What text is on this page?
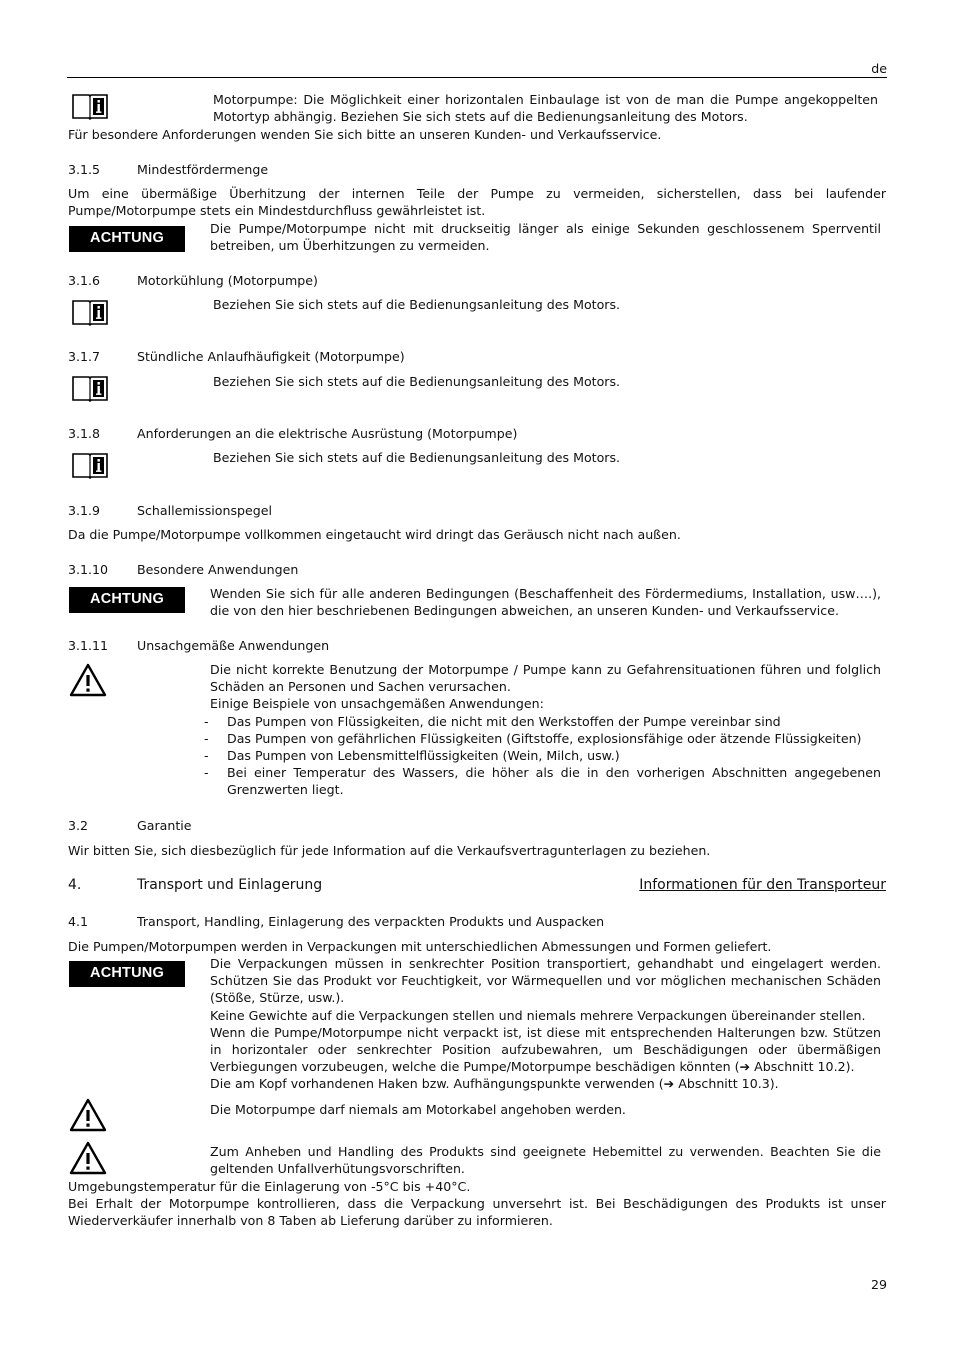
de
Motorpumpe: Die Möglichkeit einer horizontalen Einbaulage ist von de man die Pumpe angekoppelten Motortyp abhängig. Beziehen Sie sich stets auf die Bedienungsanleitung des Motors.
Für besondere Anforderungen wenden Sie sich bitte an unseren Kunden- und Verkaufsservice.
3.1.5	Mindestfördermenge
Um eine übermäßige Überhitzung der internen Teile der Pumpe zu vermeiden, sicherstellen, dass bei laufender Pumpe/Motorpumpe stets ein Mindestdurchfluss gewährleistet ist.
ACHTUNG
Die Pumpe/Motorpumpe nicht mit druckseitig länger als einige Sekunden geschlossenem Sperrventil betreiben, um Überhitzungen zu vermeiden.
3.1.6	Motorkühlung (Motorpumpe)
Beziehen Sie sich stets auf die Bedienungsanleitung des Motors.
3.1.7	Stündliche Anlaufhäufigkeit (Motorpumpe)
Beziehen Sie sich stets auf die Bedienungsanleitung des Motors.
3.1.8	Anforderungen an die elektrische Ausrüstung (Motorpumpe)
Beziehen Sie sich stets auf die Bedienungsanleitung des Motors.
3.1.9	Schallemissionspegel
Da die Pumpe/Motorpumpe vollkommen eingetaucht wird dringt das Geräusch nicht nach außen.
3.1.10 Besondere Anwendungen
ACHTUNG	Wenden Sie sich für alle anderen Bedingungen (Beschaffenheit des Fördermediums, Installation, usw….), die von den hier beschriebenen Bedingungen abweichen, an unseren Kunden- und Verkaufsservice.
3.1.11 Unsachgemäße Anwendungen
Die nicht korrekte Benutzung der Motorpumpe / Pumpe kann zu Gefahrensituationen führen und folglich Schäden an Personen und Sachen verursachen.
Einige Beispiele von unsachgemäßen Anwendungen:
- Das Pumpen von Flüssigkeiten, die nicht mit den Werkstoffen der Pumpe vereinbar sind
- Das Pumpen von gefährlichen Flüssigkeiten (Giftstoffe, explosionsfähige oder ätzende Flüssigkeiten)
- Das Pumpen von Lebensmittelflüssigkeiten (Wein, Milch, usw.)
- Bei einer Temperatur des Wassers, die höher als die in den vorherigen Abschnitten angegebenen Grenzwerten liegt.
3.2	Garantie
Wir bitten Sie, sich diesbezüglich für jede Information auf die Verkaufsvertragunterlagen zu beziehen.
4.	Transport und Einlagerung	Informationen für den Transporteur
4.1	Transport, Handling, Einlagerung des verpackten Produkts und Auspacken
Die Pumpen/Motorpumpen werden in Verpackungen mit unterschiedlichen Abmessungen und Formen geliefert.
ACHTUNG
Die Verpackungen müssen in senkrechter Position transportiert, gehandhabt und eingelagert werden. Schützen Sie das Produkt vor Feuchtigkeit, vor Wärmequellen und vor möglichen mechanischen Schäden (Stöße, Stürze, usw.).
Keine Gewichte auf die Verpackungen stellen und niemals mehrere Verpackungen übereinander stellen.
Wenn die Pumpe/Motorpumpe nicht verpackt ist, ist diese mit entsprechenden Halterungen bzw. Stützen in horizontaler oder senkrechter Position aufzubewahren, um Beschädigungen oder übermäßigen Verbiegungen vorzubeugen, welche die Pumpe/Motorpumpe beschädigen könnten (➔ Abschnitt 10.2).
Die am Kopf vorhandenen Haken bzw. Aufhängungspunkte verwenden (➔ Abschnitt 10.3).
Die Motorpumpe darf niemals am Motorkabel angehoben werden.
Zum Anheben und Handling des Produkts sind geeignete Hebemittel zu verwenden. Beachten Sie die geltenden Unfallverhütungsvorschriften.
Umgebungstemperatur für die Einlagerung von -5°C bis +40°C.
Bei Erhalt der Motorpumpe kontrollieren, dass die Verpackung unversehrt ist. Bei Beschädigungen des Produkts ist unser Wiederverkäufer innerhalb von 8 Taben ab Lieferung darüber zu informieren.
29
